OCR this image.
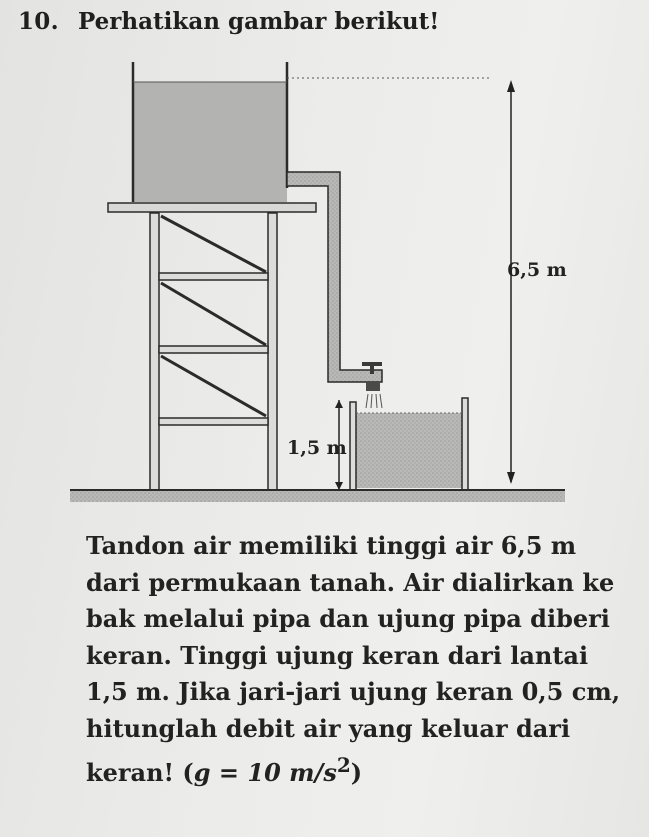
10. Perhatikan gambar berikut!
1,5 m
6,5 m
Tandon air memiliki tinggi air 6,5 m
dari permukaan tanah. Air dialirkan ke
bak melalui pipa dan ujung pipa diberi
keran. Tinggi ujung keran dari lantai
1,5 m. Jika jari-jari ujung keran 0,5 cm,
hitunglah debit air yang keluar dari
keran! (g = 10 $m/s^2$)
